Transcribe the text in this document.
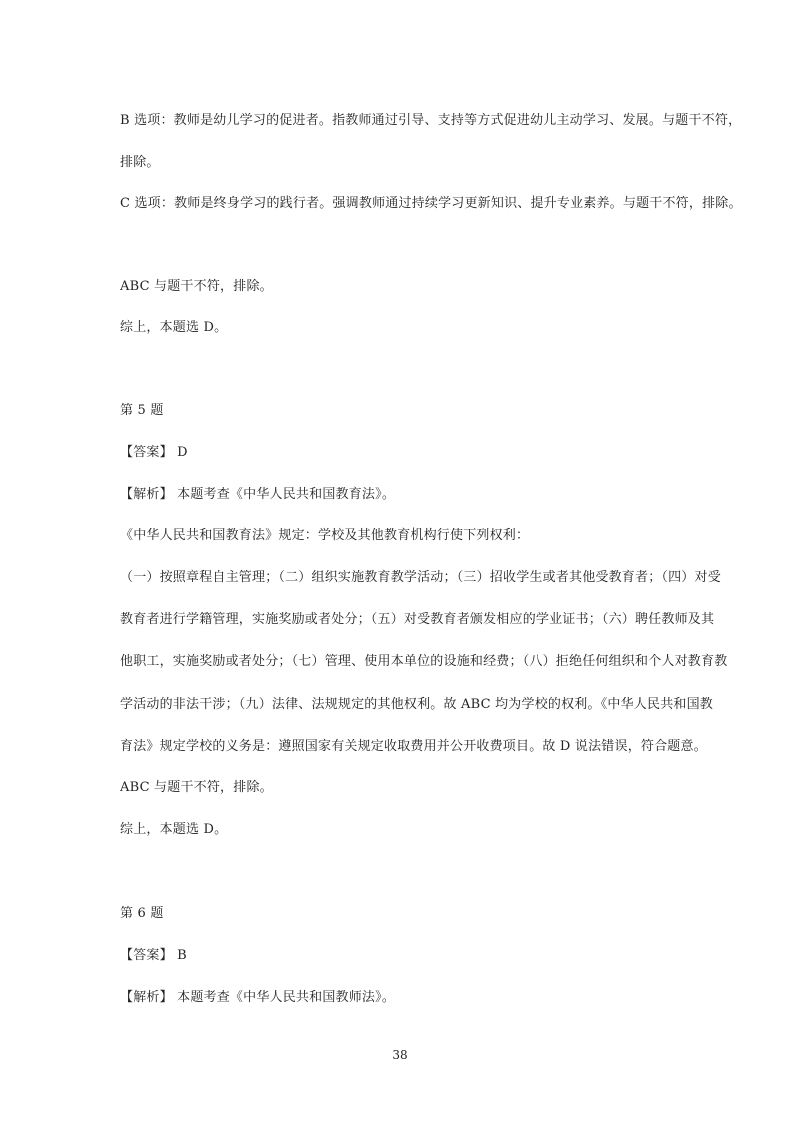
B 选项：教师是幼儿学习的促进者。指教师通过引导、支持等方式促进幼儿主动学习、发展。与题干不符，
排除。
C 选项：教师是终身学习的践行者。强调教师通过持续学习更新知识、提升专业素养。与题干不符，排除。
ABC 与题干不符，排除。
综上，本题选 D。
第 5 题
【答案】 D
【解析】 本题考查《中华人民共和国教育法》。
《中华人民共和国教育法》规定：学校及其他教育机构行使下列权利：
（一）按照章程自主管理；（二）组织实施教育教学活动；（三）招收学生或者其他受教育者；（四）对受
教育者进行学籍管理，实施奖励或者处分；（五）对受教育者颁发相应的学业证书；（六）聘任教师及其
他职工，实施奖励或者处分；（七）管理、使用本单位的设施和经费；（八）拒绝任何组织和个人对教育教
学活动的非法干涉；（九）法律、法规规定的其他权利。故 ABC 均为学校的权利。《中华人民共和国教
育法》规定学校的义务是：遵照国家有关规定收取费用并公开收费项目。故 D 说法错误，符合题意。
ABC 与题干不符，排除。
综上，本题选 D。
第 6 题
【答案】 B
【解析】 本题考查《中华人民共和国教师法》。
38
